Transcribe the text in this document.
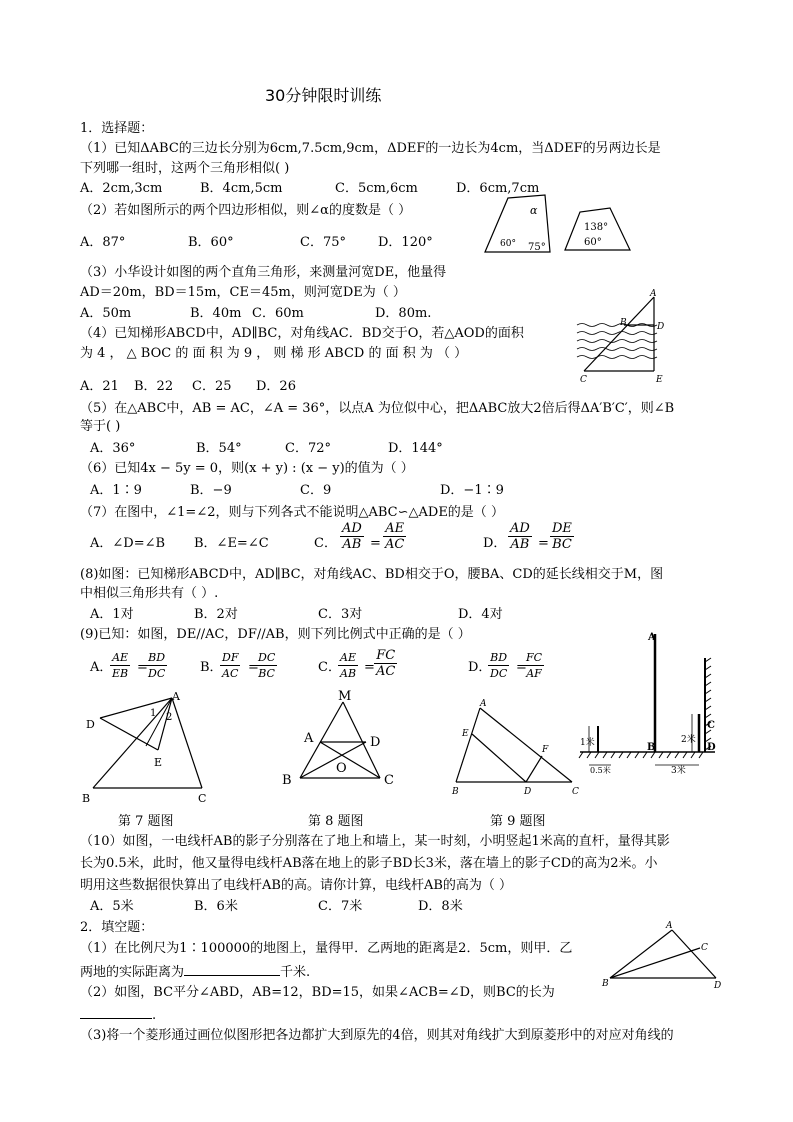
30分钟限时训练
1．选择题：
（1）已知ΔABC的三边长分别为6cm,7.5cm,9cm，ΔDEF的一边长为4cm，当ΔDEF的另两边长是
下列哪一组时，这两个三角形相似( )
A．2cm,3cm	B．4cm,5cm	C．5cm,6cm	D．6cm,7cm
（2）若如图所示的两个四边形相似，则∠α的度数是（ ）
A．87°	B．60°	C．75° D．120°
α
60° 75°
138°
60°
（3）小华设计如图的两个直角三角形，来测量河宽DE，他量得
AD＝20m，BD＝15m，CE＝45m，则河宽DE为（ ）
A．50m	B．40m C．60m	D．80m.
A
B	D
C	E
（4）已知梯形ABCD中，AD∥BC，对角线AC．BD交于O，若△AOD的面积
为 4 ， △ BOC 的 面 积 为 9 ， 则 梯 形 ABCD 的 面 积 为 （ ）
A．21 B．22 C．25 D．26
（5）在△ABC中，AB = AC，∠A = 36°，以点A 为位似中心，把ΔABC放大2倍后得ΔA′B′C′，则∠B
等于( )
A．36°	B．54°	C．72°	D．144°
（6）已知4x − 5y = 0，则(x + y) : (x − y)的值为（ ）
A．1∶9	B．−9	C．9	D．−1∶9
（7）在图中，∠1=∠2，则与下列各式不能说明△ABC∽△ADE的是（ ）
A．∠D=∠B B．∠E=∠C	C． $\frac{AD}{AB} = \frac{AE}{AC}$	D． $\frac{AD}{AB} = \frac{DE}{BC}$
(8)如图：已知梯形ABCD中，AD∥BC，对角线AC、BD相交于O，腰BA、CD的延长线相交于M，图
中相似三角形共有（ ）.
A．1对	B．2对	C．3对	D．4对
(9)已知：如图，DE//AC，DF//AB，则下列比例式中正确的是（ ）
A．
$\frac{AE}{EB}$ =
$\frac{BD}{DC}$	B．
$\frac{DF}{AC}$ =
$\frac{DC}{BC}$	C．
$\frac{AE}{AB} = \frac{FC}{AC}$	D．
$\frac{BD}{DC}$ =
$\frac{FC}{AF}$
A
D
1 2
E
B	C
M
A	D
O
B	C
A
E
F
B	D	C
1米
0.5米
A
B
C
D
2米
3米
第 7 题图	第 8 题图	第 9 题图
（10）如图，一电线杆AB的影子分别落在了地上和墙上，某一时刻，小明竖起1米高的直杆，量得其影
长为0.5米，此时，他又量得电线杆AB落在地上的影子BD长3米，落在墙上的影子CD的高为2米。小
明用这些数据很快算出了电线杆AB的高。请你计算，电线杆AB的高为（ ）
A．5米	B．6米	C．7米	D．8米
2．填空题：
（1）在比例尺为1∶100000的地图上，量得甲．乙两地的距离是2．5cm，则甲．乙
两地的实际距离为	千米.
（2）如图，BC平分∠ABD，AB=12，BD=15，如果∠ACB=∠D，则BC的长为
.
（3)将一个菱形通过画位似图形把各边都扩大到原先的4倍，则其对角线扩大到原菱形中的对应对角线的
A
C
B	D
